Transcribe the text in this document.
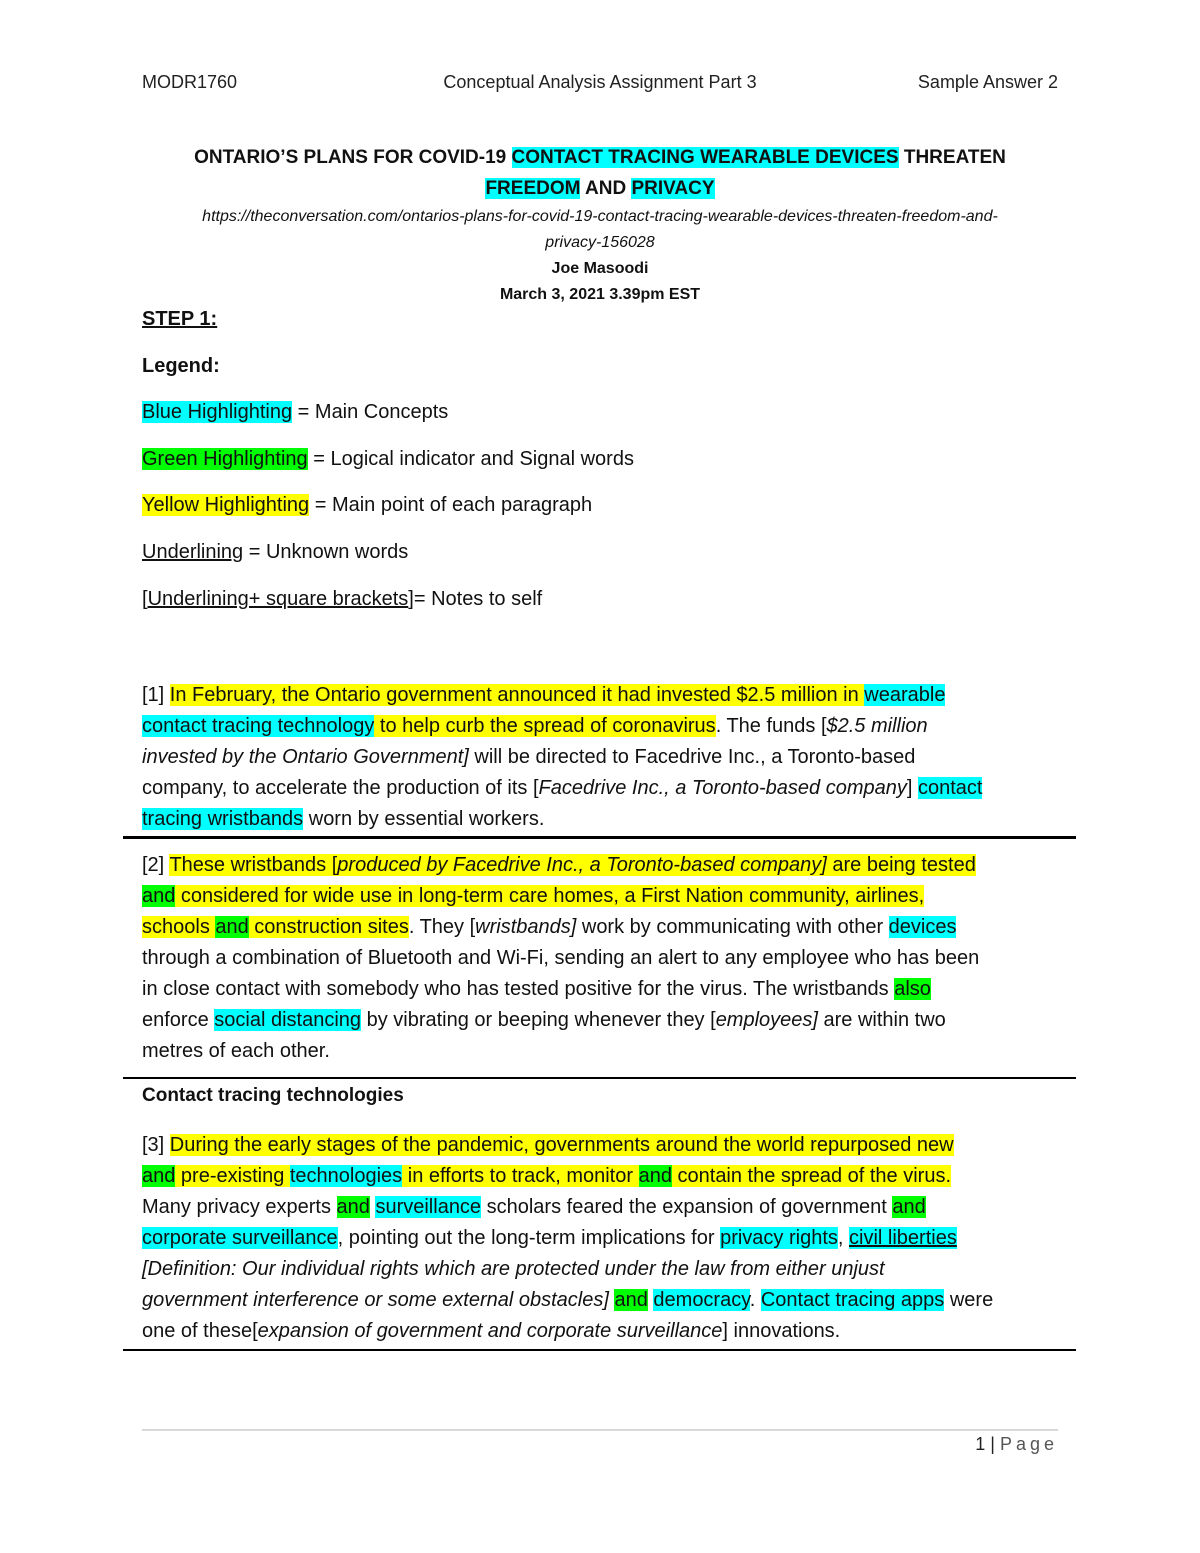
MODR1760	Conceptual Analysis Assignment Part 3	Sample Answer 2
ONTARIO’S PLANS FOR COVID-19 CONTACT TRACING WEARABLE DEVICES THREATEN
FREEDOM AND PRIVACY
https://theconversation.com/ontarios-plans-for-covid-19-contact-tracing-wearable-devices-threaten-freedom-and-
privacy-156028
Joe Masoodi
March 3, 2021 3.39pm EST
STEP 1:
Legend:
Blue Highlighting = Main Concepts
Green Highlighting = Logical indicator and Signal words
Yellow Highlighting = Main point of each paragraph
Underlining = Unknown words
[Underlining+ square brackets]= Notes to self
[1] In February, the Ontario government announced it had invested $2.5 million in wearable
contact tracing technology to help curb the spread of coronavirus. The funds [$2.5 million
invested by the Ontario Government] will be directed to Facedrive Inc., a Toronto-based
company, to accelerate the production of its [Facedrive Inc., a Toronto-based company] contact
tracing wristbands worn by essential workers.
[2] These wristbands [produced by Facedrive Inc., a Toronto-based company] are being tested
and considered for wide use in long-term care homes, a First Nation community, airlines,
schools and construction sites. They [wristbands] work by communicating with other devices
through a combination of Bluetooth and Wi-Fi, sending an alert to any employee who has been
in close contact with somebody who has tested positive for the virus. The wristbands also
enforce social distancing by vibrating or beeping whenever they [employees] are within two
metres of each other.
Contact tracing technologies
[3] During the early stages of the pandemic, governments around the world repurposed new
and pre-existing technologies in efforts to track, monitor and contain the spread of the virus.
Many privacy experts and surveillance scholars feared the expansion of government and
corporate surveillance, pointing out the long-term implications for privacy rights, civil liberties
[Definition: Our individual rights which are protected under the law from either unjust
government interference or some external obstacles] and democracy. Contact tracing apps were
one of these[expansion of government and corporate surveillance] innovations.
1 | Page
